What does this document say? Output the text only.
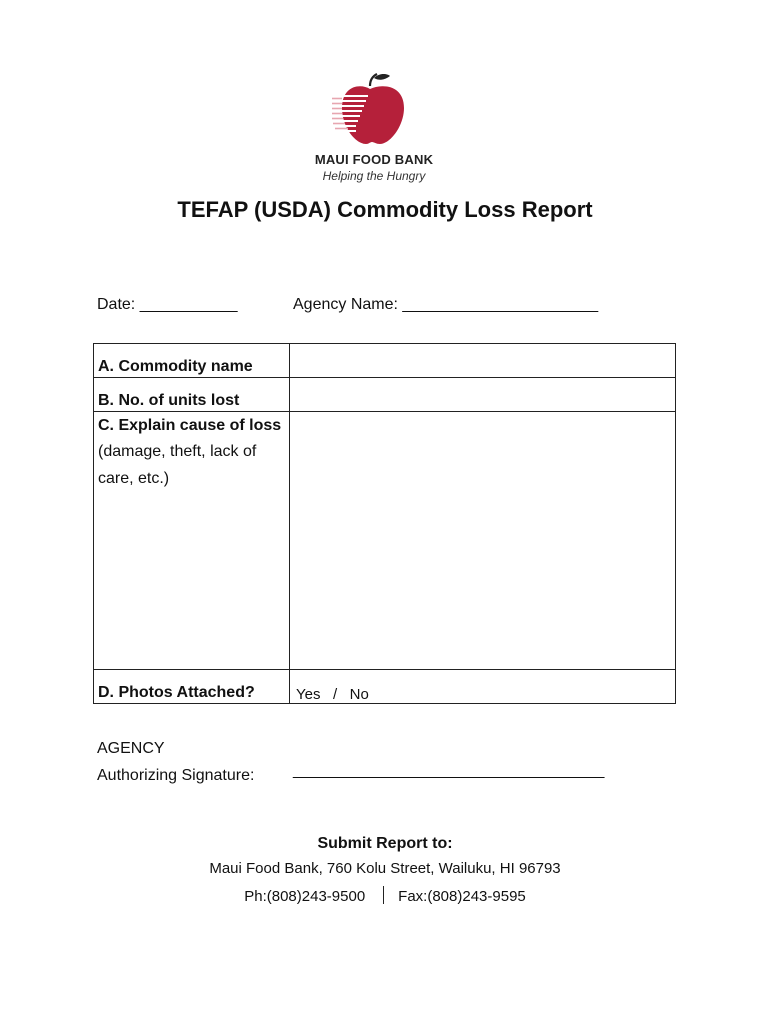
MAUI FOOD BANK
Helping the Hungry
TEFAP (USDA) Commodity Loss Report
Date: ___________	Agency Name: ______________________
A. Commodity name
B. No. of units lost
C. Explain cause of loss
(damage, theft, lack of care, etc.)
D. Photos Attached?	Yes   /   No
AGENCY
Authorizing Signature: ___________________________________
Submit Report to:
Maui Food Bank, 760 Kolu Street, Wailuku, HI 96793
Ph:(808)243-9500 Fax:(808)243-9595
